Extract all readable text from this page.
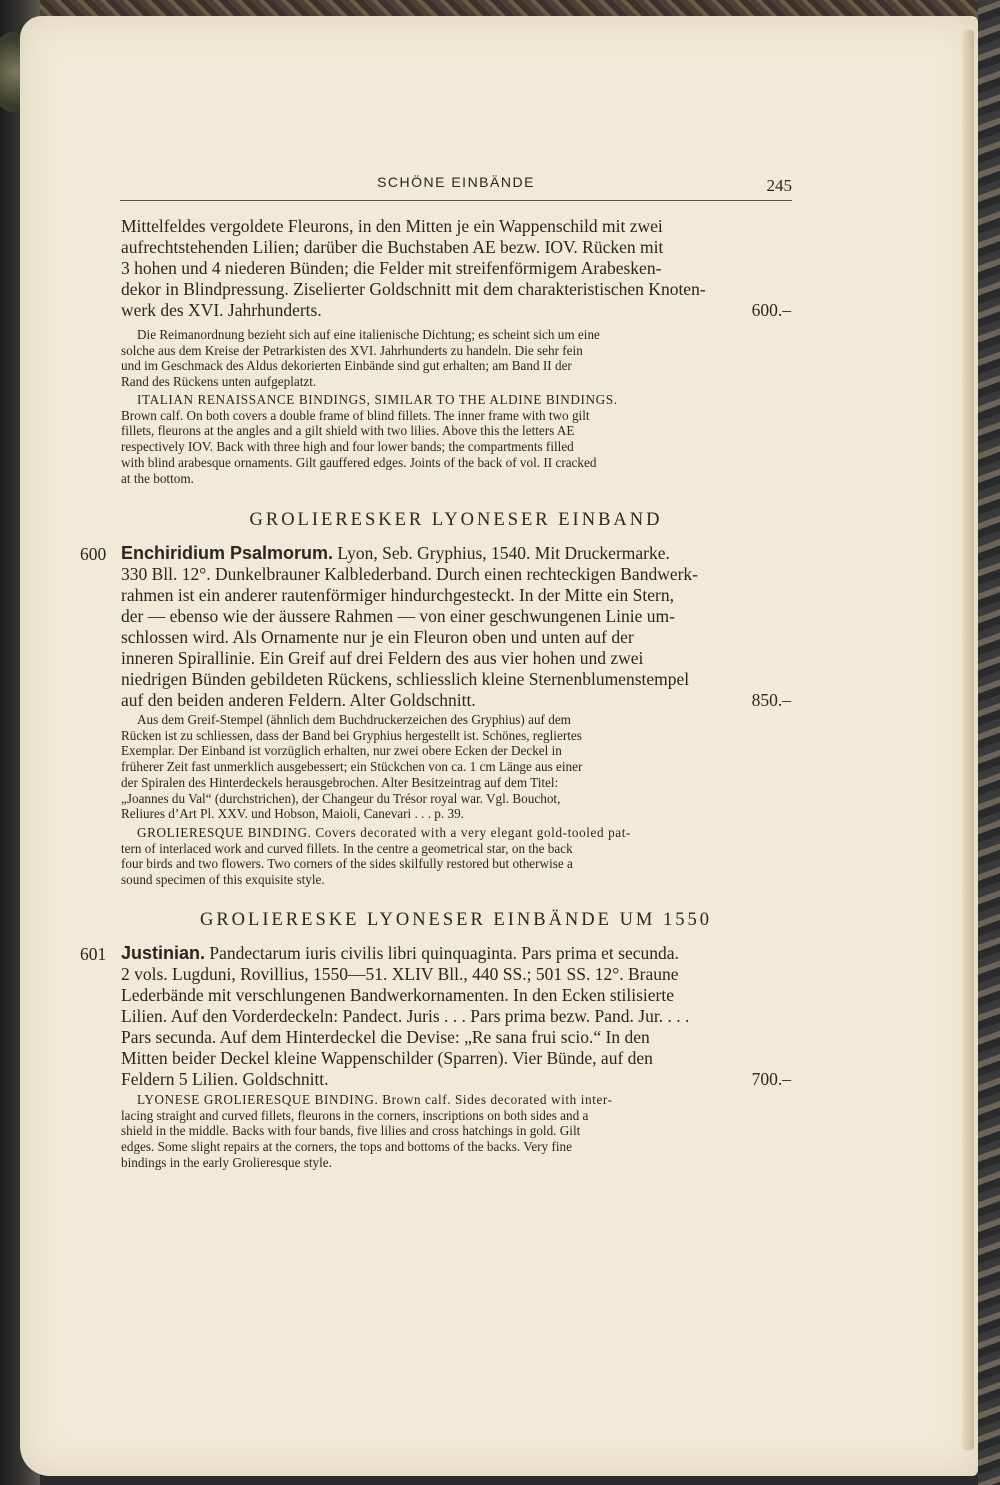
SCHÖNE EINBÄNDE	245
Mittelfeldes vergoldete Fleurons, in den Mitten je ein Wappenschild mit zwei
aufrechtstehenden Lilien; darüber die Buchstaben AE bezw. IOV. Rücken mit
3 hohen und 4 niederen Bünden; die Felder mit streifenförmigem Arabesken-
dekor in Blindpressung. Ziselierter Goldschnitt mit dem charakteristischen Knoten-
werk des XVI. Jahrhunderts.	600.–
Die Reimanordnung bezieht sich auf eine italienische Dichtung; es scheint sich um eine
solche aus dem Kreise der Petrarkisten des XVI. Jahrhunderts zu handeln. Die sehr fein
und im Geschmack des Aldus dekorierten Einbände sind gut erhalten; am Band II der
Rand des Rückens unten aufgeplatzt.
ITALIAN RENAISSANCE BINDINGS, SIMILAR TO THE ALDINE BINDINGS.
Brown calf. On both covers a double frame of blind fillets. The inner frame with two gilt
fillets, fleurons at the angles and a gilt shield with two lilies. Above this the letters AE
respectively IOV. Back with three high and four lower bands; the compartments filled
with blind arabesque ornaments. Gilt gauffered edges. Joints of the back of vol. II cracked
at the bottom.
GROLIERESKER LYONESER EINBAND
600 Enchiridium Psalmorum. Lyon, Seb. Gryphius, 1540. Mit Druckermarke.
330 Bll. 12°. Dunkelbrauner Kalblederband. Durch einen rechteckigen Bandwerk-
rahmen ist ein anderer rautenförmiger hindurchgesteckt. In der Mitte ein Stern,
der — ebenso wie der äussere Rahmen — von einer geschwungenen Linie um-
schlossen wird. Als Ornamente nur je ein Fleuron oben und unten auf der
inneren Spirallinie. Ein Greif auf drei Feldern des aus vier hohen und zwei
niedrigen Bünden gebildeten Rückens, schliesslich kleine Sternenblumenstempel
auf den beiden anderen Feldern. Alter Goldschnitt.	850.–
Aus dem Greif-Stempel (ähnlich dem Buchdruckerzeichen des Gryphius) auf dem
Rücken ist zu schliessen, dass der Band bei Gryphius hergestellt ist. Schönes, regliertes
Exemplar. Der Einband ist vorzüglich erhalten, nur zwei obere Ecken der Deckel in
früherer Zeit fast unmerklich ausgebessert; ein Stückchen von ca. 1 cm Länge aus einer
der Spiralen des Hinterdeckels herausgebrochen. Alter Besitzeintrag auf dem Titel:
„Joannes du Val“ (durchstrichen), der Changeur du Trésor royal war. Vgl. Bouchot,
Reliures d’Art Pl. XXV. und Hobson, Maioli, Canevari . . . p. 39.
GROLIERESQUE BINDING. Covers decorated with a very elegant gold-tooled pat-
tern of interlaced work and curved fillets. In the centre a geometrical star, on the back
four birds and two flowers. Two corners of the sides skilfully restored but otherwise a
sound specimen of this exquisite style.
GROLIERESKE LYONESER EINBÄNDE UM 1550
601 Justinian. Pandectarum iuris civilis libri quinquaginta. Pars prima et secunda.
2 vols. Lugduni, Rovillius, 1550—51. XLIV Bll., 440 SS.; 501 SS. 12°. Braune
Lederbände mit verschlungenen Bandwerkornamenten. In den Ecken stilisierte
Lilien. Auf den Vorderdeckeln: Pandect. Juris . . . Pars prima bezw. Pand. Jur. . . .
Pars secunda. Auf dem Hinterdeckel die Devise: „Re sana frui scio.“ In den
Mitten beider Deckel kleine Wappenschilder (Sparren). Vier Bünde, auf den
Feldern 5 Lilien. Goldschnitt.	700.–
LYONESE GROLIERESQUE BINDING. Brown calf. Sides decorated with inter-
lacing straight and curved fillets, fleurons in the corners, inscriptions on both sides and a
shield in the middle. Backs with four bands, five lilies and cross hatchings in gold. Gilt
edges. Some slight repairs at the corners, the tops and bottoms of the backs. Very fine
bindings in the early Grolieresque style.
